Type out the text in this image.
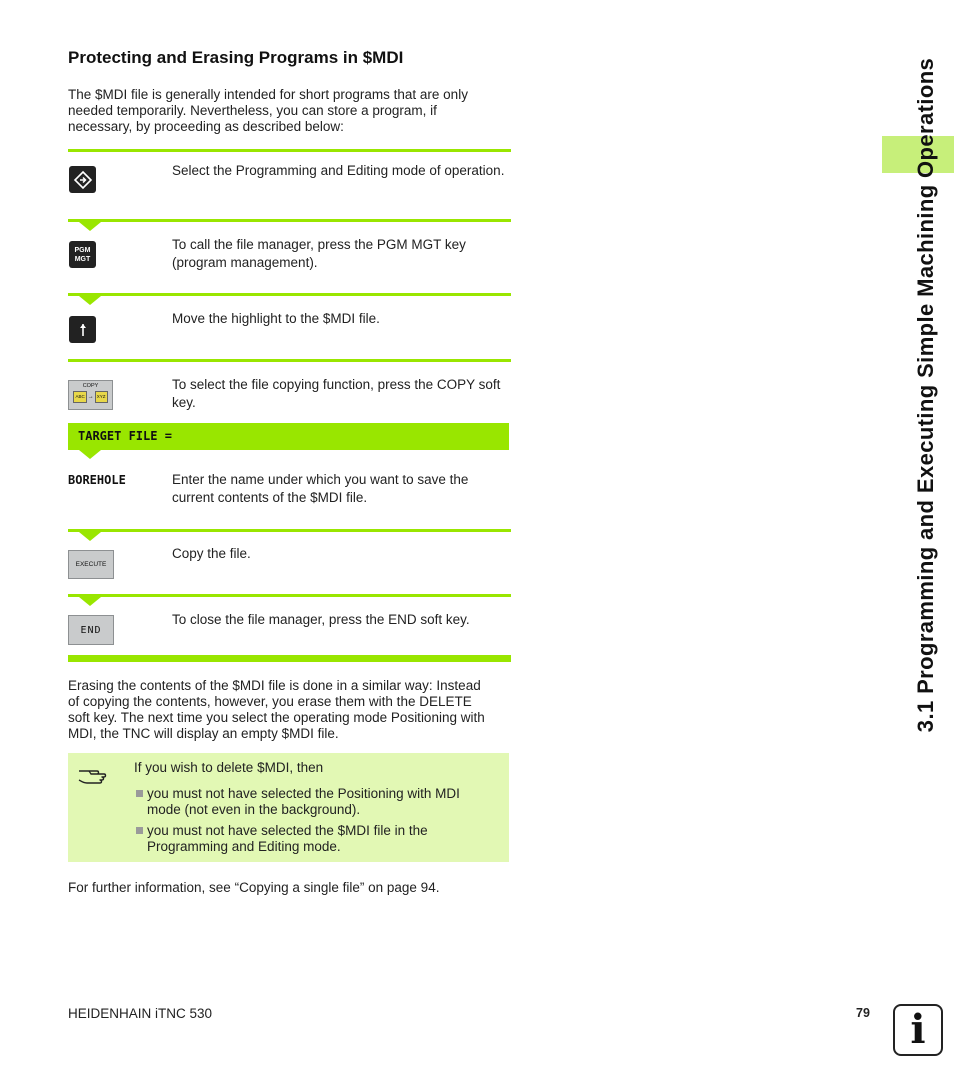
3.1 Programming and Executing Simple Machining Operations
Protecting and Erasing Programs in $MDI
The $MDI file is generally intended for short programs that are only
needed temporarily. Nevertheless, you can store a program, if
necessary, by proceeding as described below:
Select the Programming and Editing mode of operation.
PGM
MGT
To call the file manager, press the PGM MGT key (program management).
Move the highlight to the $MDI file.
COPY
ABC → XYZ
To select the file copying function, press the COPY soft key.
TARGET FILE =
BOREHOLE	Enter the name under which you want to save the current contents of the $MDI file.
EXECUTE
Copy the file.
END
To close the file manager, press the END soft key.
Erasing the contents of the $MDI file is done in a similar way: Instead
of copying the contents, however, you erase them with the DELETE
soft key. The next time you select the operating mode Positioning with
MDI, the TNC will display an empty $MDI file.
If you wish to delete $MDI, then
you must not have selected the Positioning with MDI
mode (not even in the background).
you must not have selected the $MDI file in the
Programming and Editing mode.
For further information, see “Copying a single file” on page 94.
HEIDENHAIN iTNC 530	79 i
